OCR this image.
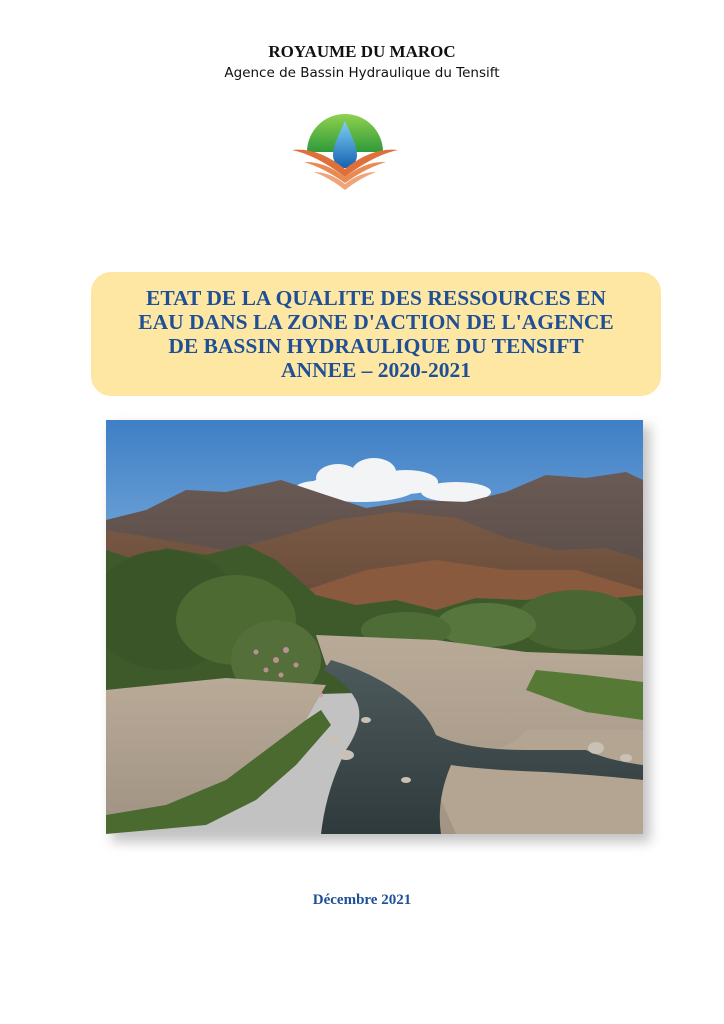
ROYAUME DU MAROC
Agence de Bassin Hydraulique du Tensift
ETAT DE LA QUALITE DES RESSOURCES EN
EAU DANS LA ZONE D'ACTION DE L'AGENCE
DE BASSIN HYDRAULIQUE DU TENSIFT
ANNEE – 2020-2021
Décembre 2021
